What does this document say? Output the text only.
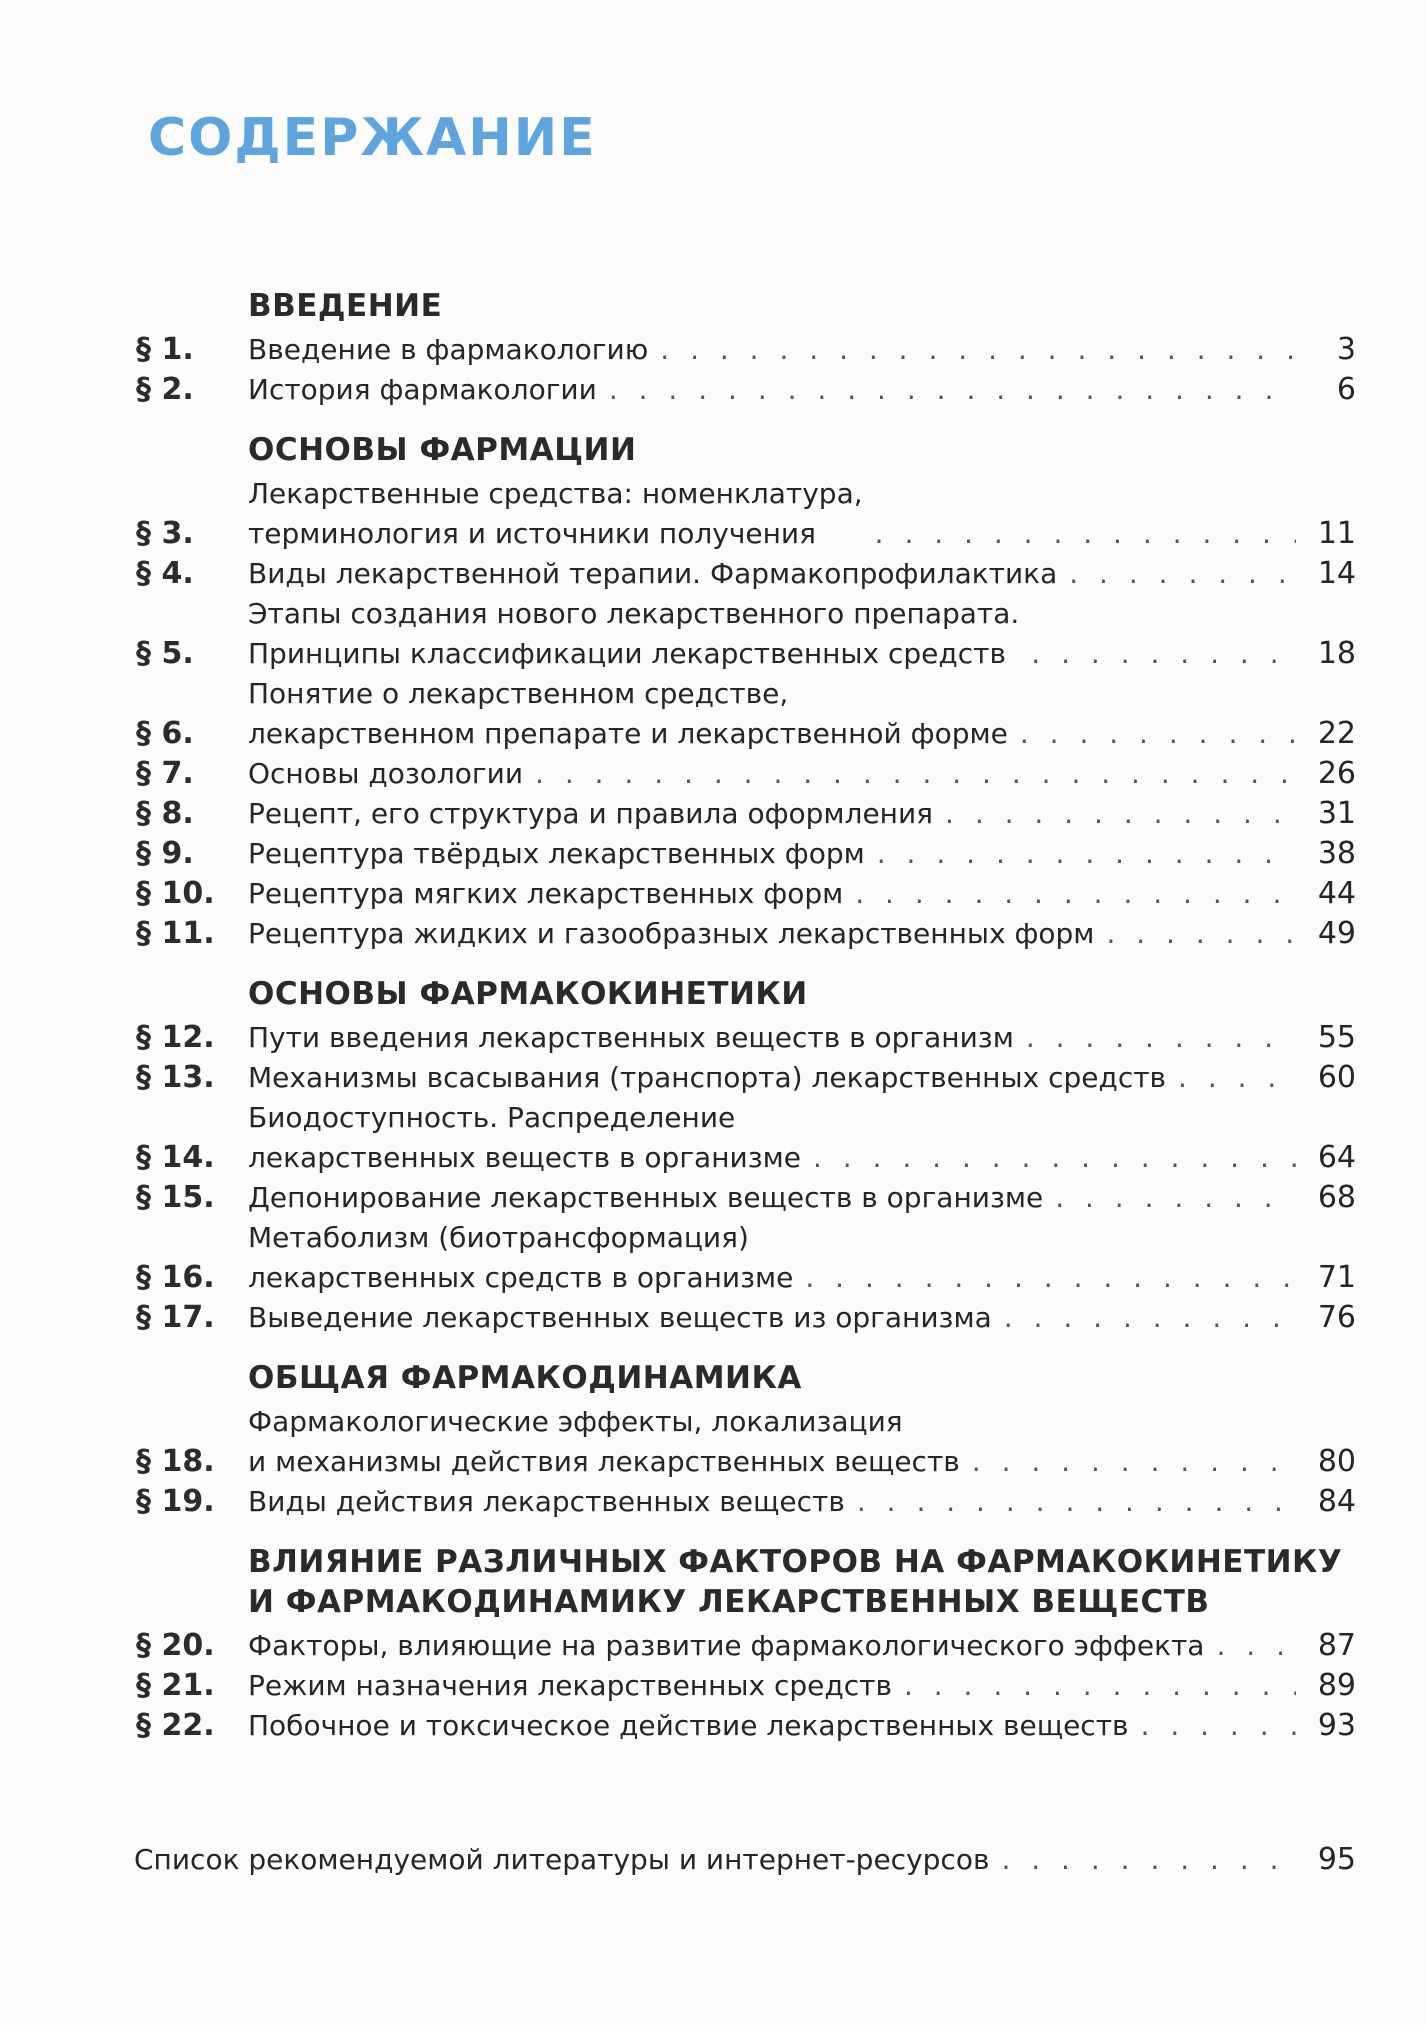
СОДЕРЖАНИЕ
ВВЕДЕНИЕ
§ 1.	Введение в фармакологию . . .	3
§ 2.	История фармакологии . . .	6
ОСНОВЫ ФАРМАЦИИ
§ 3.
Лекарственные средства: номенклатура,
терминология и источники получения . . .	11
§ 4.	Виды лекарственной терапии. Фармакопрофилактика . . .	14
§ 5.
Этапы создания нового лекарственного препарата.
Принципы классификации лекарственных средств . . .	18
§ 6.
Понятие о лекарственном средстве,
лекарственном препарате и лекарственной форме . . .	22
§ 7.	Основы дозологии . . .	26
§ 8.	Рецепт, его структура и правила оформления . . .	31
§ 9.	Рецептура твёрдых лекарственных форм . . .	38
§ 10.	Рецептура мягких лекарственных форм . . .	44
§ 11.	Рецептура жидких и газообразных лекарственных форм . . .	49
ОСНОВЫ ФАРМАКОКИНЕТИКИ
§ 12.	Пути введения лекарственных веществ в организм . . .	55
§ 13.	Механизмы всасывания (транспорта) лекарственных средств . . .	60
§ 14.
Биодоступность. Распределение
лекарственных веществ в организме . . .	64
§ 15.	Депонирование лекарственных веществ в организме . . .	68
§ 16.
Метаболизм (биотрансформация)
лекарственных средств в организме . . .	71
§ 17.	Выведение лекарственных веществ из организма . . .	76
ОБЩАЯ ФАРМАКОДИНАМИКА
§ 18.
Фармакологические эффекты, локализация
и механизмы действия лекарственных веществ . . .	80
§ 19.	Виды действия лекарственных веществ . . .	84
ВЛИЯНИЕ РАЗЛИЧНЫХ ФАКТОРОВ НА ФАРМАКОКИНЕТИКУ
И ФАРМАКОДИНАМИКУ ЛЕКАРСТВЕННЫХ ВЕЩЕСТВ
§ 20.	Факторы, влияющие на развитие фармакологического эффекта . . .	87
§ 21.	Режим назначения лекарственных средств . . .	89
§ 22.	Побочное и токсическое действие лекарственных веществ . . .	93
Список рекомендуемой литературы и интернет-ресурсов . . .	95
